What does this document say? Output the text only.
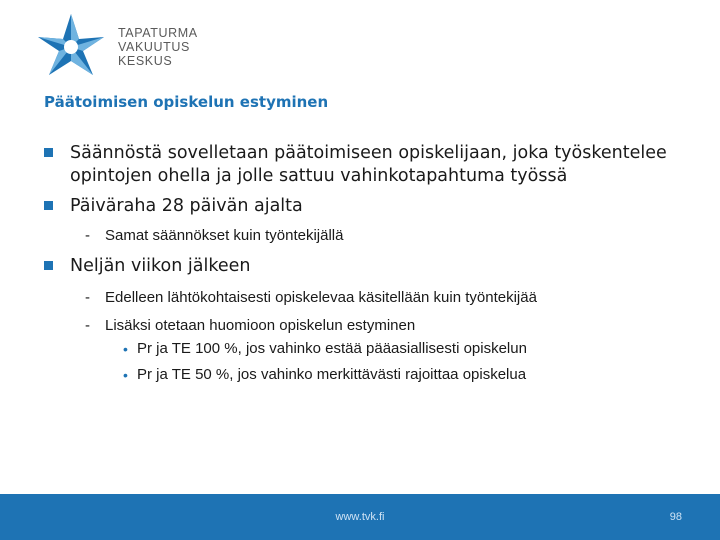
TAPATURMA
VAKUUTUS
KESKUS
Päätoimisen opiskelun estyminen
Säännöstä sovelletaan päätoimiseen opiskelijaan, joka työskentelee opintojen ohella ja jolle sattuu vahinkotapahtuma työssä
Päiväraha 28 päivän ajalta
- Samat säännökset kuin työntekijällä
Neljän viikon jälkeen
- Edelleen lähtökohtaisesti opiskelevaa käsitellään kuin työntekijää
- Lisäksi otetaan huomioon opiskelun estyminen
• Pr ja TE 100 %, jos vahinko estää pääasiallisesti opiskelun
• Pr ja TE 50 %, jos vahinko merkittävästi rajoittaa opiskelua
www.tvk.fi	98
